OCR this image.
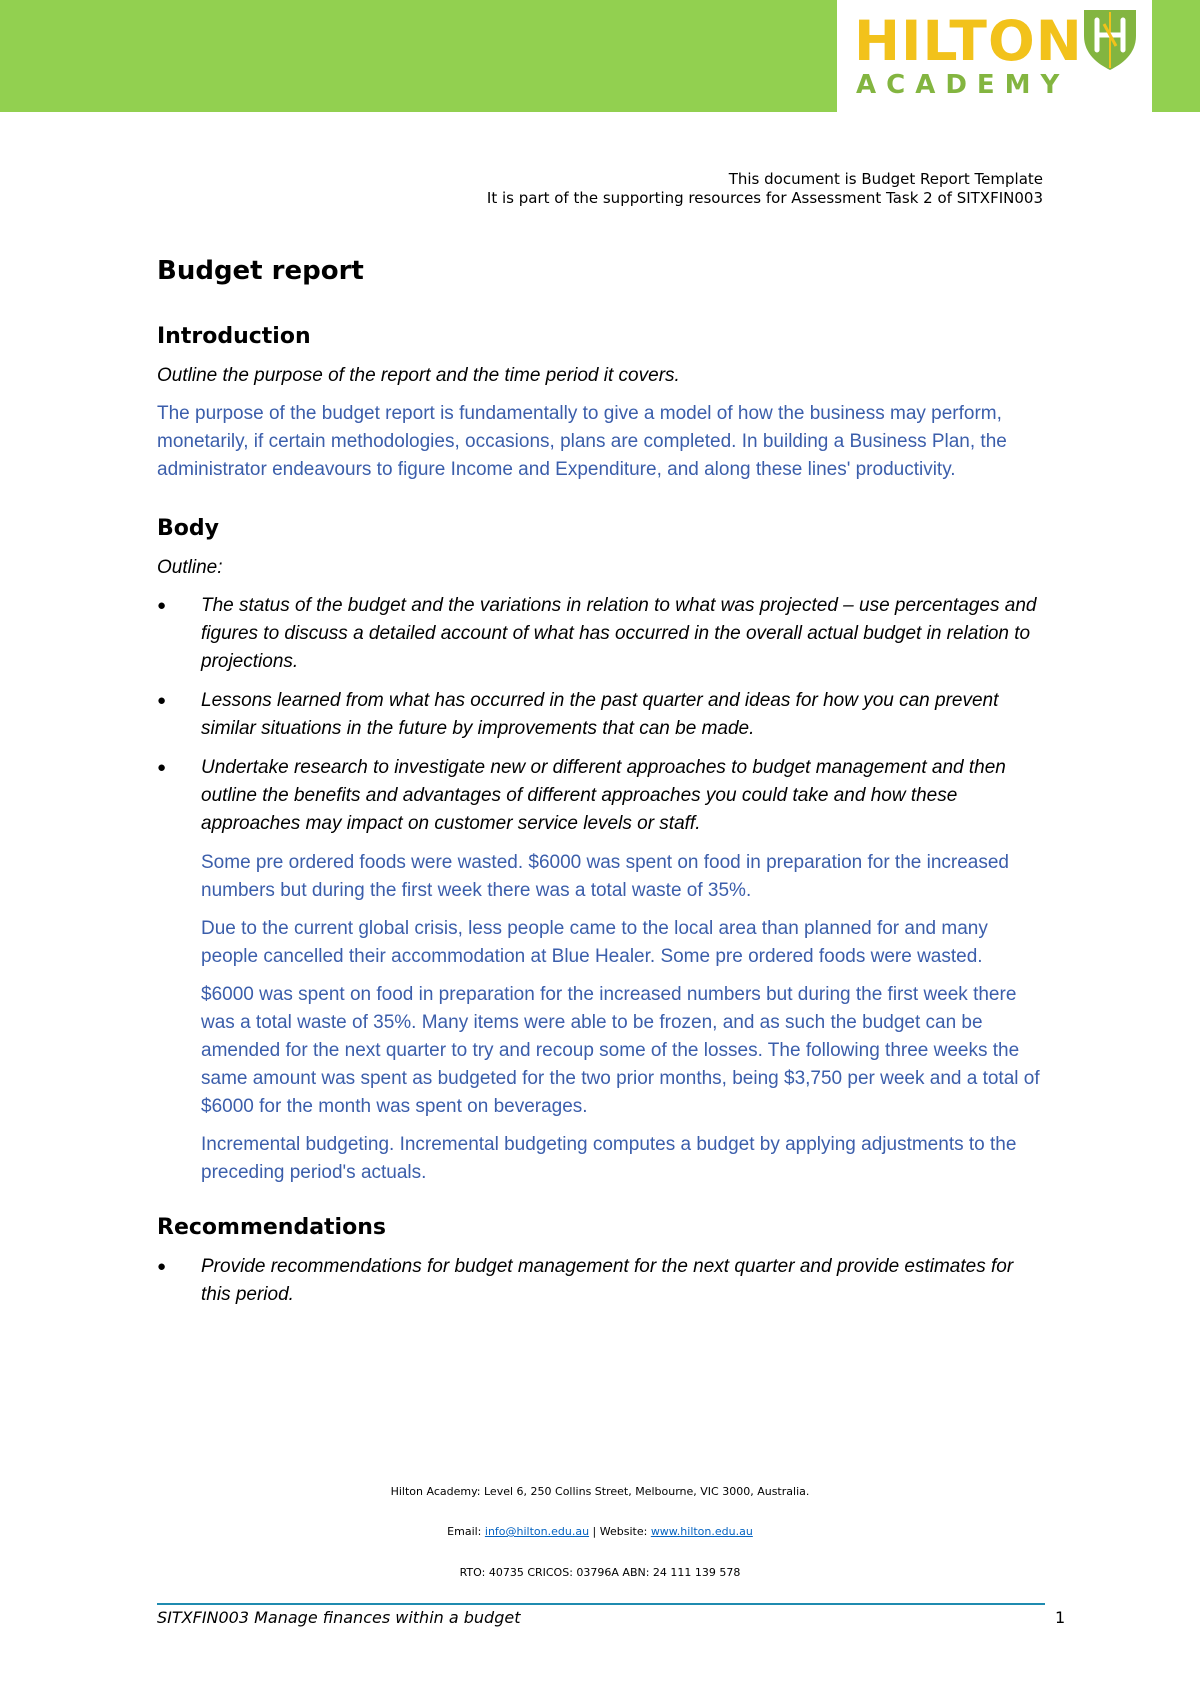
HILTON
ACADEMY
This document is Budget Report Template
It is part of the supporting resources for Assessment Task 2 of SITXFIN003
Budget report
Introduction

Outline the purpose of the report and the time period it covers.

The purpose of the budget report is fundamentally to give a model of how the business may perform, monetarily, if certain methodologies, occasions, plans are completed. In building a Business Plan, the administrator endeavours to figure Income and Expenditure, and along these lines' productivity.

Body

Outline:

● The status of the budget and the variations in relation to what was projected – use percentages and figures to discuss a detailed account of what has occurred in the overall actual budget in relation to projections.
● Lessons learned from what has occurred in the past quarter and ideas for how you can prevent similar situations in the future by improvements that can be made.
● Undertake research to investigate new or different approaches to budget management and then outline the benefits and advantages of different approaches you could take and how these approaches may impact on customer service levels or staff.

Some pre ordered foods were wasted. $6000 was spent on food in preparation for the increased numbers but during the first week there was a total waste of 35%.

Due to the current global crisis, less people came to the local area than planned for and many people cancelled their accommodation at Blue Healer. Some pre ordered foods were wasted.

$6000 was spent on food in preparation for the increased numbers but during the first week there was a total waste of 35%. Many items were able to be frozen, and as such the budget can be amended for the next quarter to try and recoup some of the losses. The following three weeks the same amount was spent as budgeted for the two prior months, being $3,750 per week and a total of $6000 for the month was spent on beverages.

Incremental budgeting. Incremental budgeting computes a budget by applying adjustments to the preceding period's actuals.

Recommendations
● Provide recommendations for budget management for the next quarter and provide estimates for this period.
Hilton Academy: Level 6, 250 Collins Street, Melbourne, VIC 3000, Australia.
Email: info@hilton.edu.au | Website: www.hilton.edu.au
RTO: 40735 CRICOS: 03796A ABN: 24 111 139 578
SITXFIN003 Manage finances within a budget	1
